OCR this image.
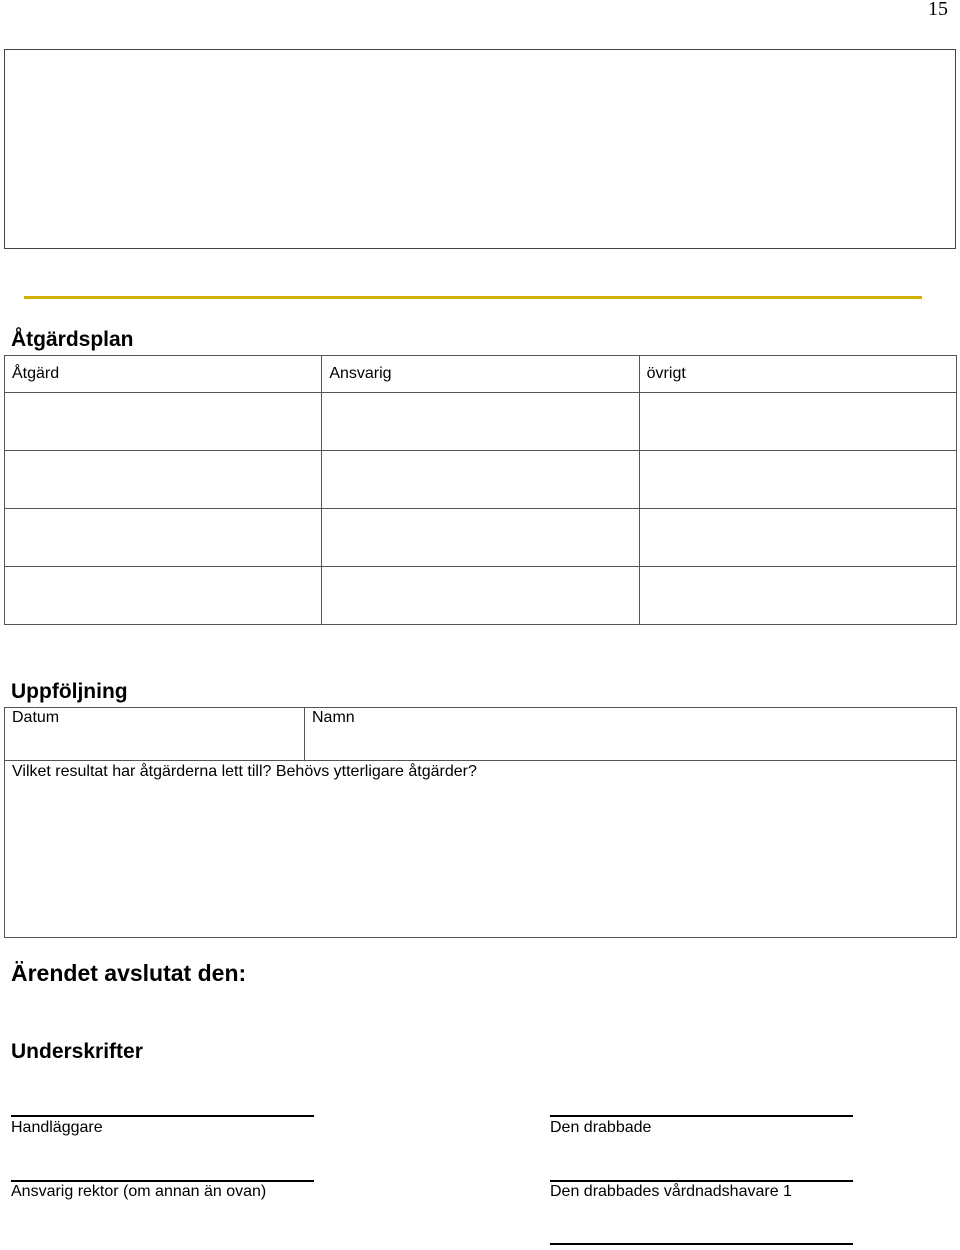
15
Åtgärdsplan
Åtgärd	Ansvarig	övrigt

Uppföljning
Datum	Namn
Vilket resultat har åtgärderna lett till? Behövs ytterligare åtgärder?
Ärendet avslutat den:
Underskrifter
Handläggare	Den drabbade
Ansvarig rektor (om annan än ovan)	Den drabbades vårdnadshavare 1
